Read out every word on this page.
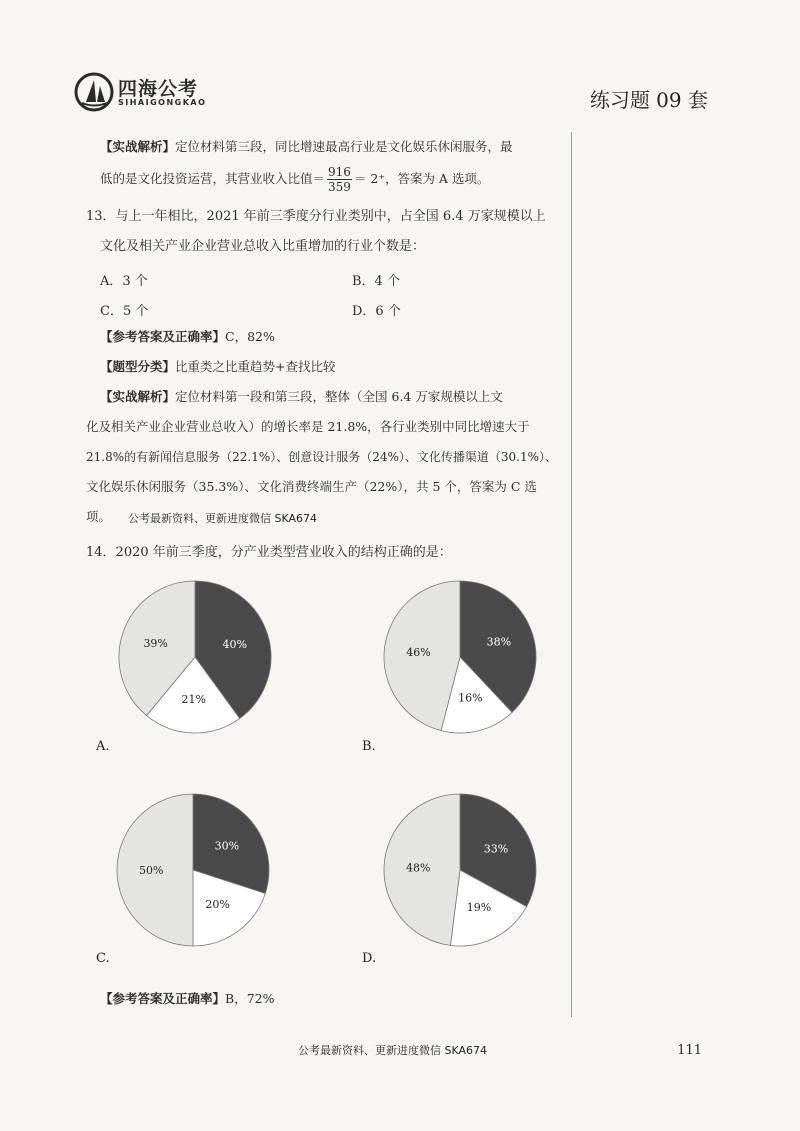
四海公考
SIHAIGONGKAO	练习题 09 套
【实战解析】定位材料第三段，同比增速最高行业是文化娱乐休闲服务，最
低的是文化投资运营，其营业收入比值＝ $\frac{916}{359} = 2^+$，答案为 A 选项。
13．与上一年相比，2021 年前三季度分行业类别中，占全国 6.4 万家规模以上
文化及相关产业企业营业总收入比重增加的行业个数是：
A．3 个	B．4 个
C．5 个	D．6 个
【参考答案及正确率】C，82%
【题型分类】比重类之比重趋势+查找比较
【实战解析】定位材料第一段和第三段，整体（全国 6.4 万家规模以上文
化及相关产业企业营业总收入）的增长率是 21.8%，各行业类别中同比增速大于
21.8%的有新闻信息服务（22.1%）、创意设计服务（24%）、文化传播渠道（30.1%）、
文化娱乐休闲服务（35.3%）、文化消费终端生产（22%），共 5 个，答案为 C 选
项。	公考最新资料、更新进度微信 SKA674
14．2020 年前三季度，分产业类型营业收入的结构正确的是：
40%
21%
39%
A.
38%
16%
46%
B.
30%
20%
50%
C.
33%
19%
48%
D.
【参考答案及正确率】B，72%
公考最新资料、更新进度微信 SKA674	111
